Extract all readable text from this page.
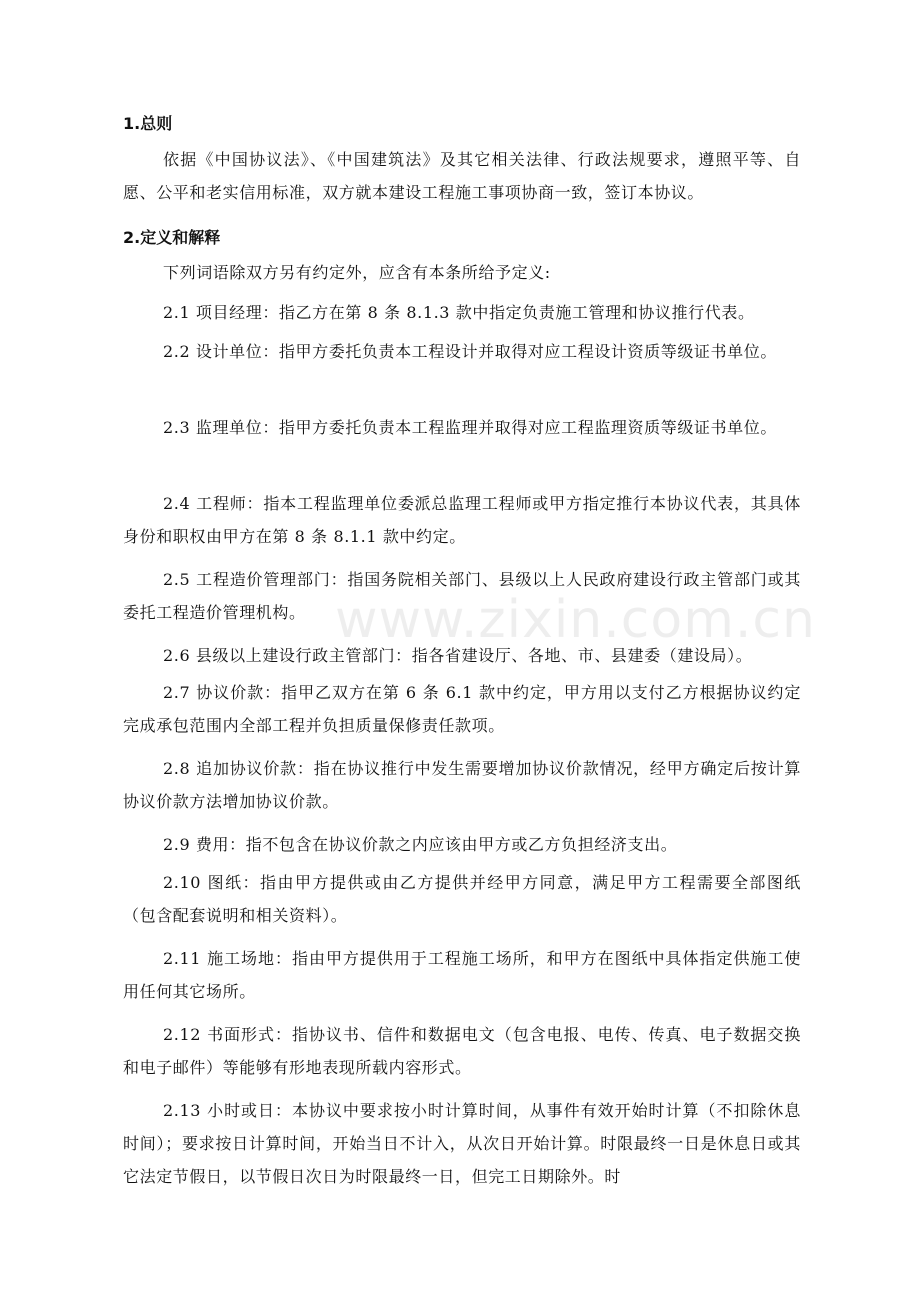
www.zixin.com.cn
1.总则

依据《中国协议法》、《中国建筑法》及其它相关法律、行政法规要求，遵照平等、自愿、公平和老实信用标准，双方就本建设工程施工事项协商一致，签订本协议。

2.定义和解释

下列词语除双方另有约定外，应含有本条所给予定义:

2.1 项目经理：指乙方在第 8 条 8.1.3 款中指定负责施工管理和协议推行代表。

2.2 设计单位：指甲方委托负责本工程设计并取得对应工程设计资质等级证书单位。

2.3 监理单位：指甲方委托负责本工程监理并取得对应工程监理资质等级证书单位。

2.4 工程师：指本工程监理单位委派总监理工程师或甲方指定推行本协议代表，其具体身份和职权由甲方在第 8 条 8.1.1 款中约定。

2.5 工程造价管理部门：指国务院相关部门、县级以上人民政府建设行政主管部门或其委托工程造价管理机构。

2.6 县级以上建设行政主管部门：指各省建设厅、各地、市、县建委（建设局）。

2.7 协议价款：指甲乙双方在第 6 条 6.1 款中约定，甲方用以支付乙方根据协议约定完成承包范围内全部工程并负担质量保修责任款项。

2.8 追加协议价款：指在协议推行中发生需要增加协议价款情况，经甲方确定后按计算协议价款方法增加协议价款。

2.9 费用：指不包含在协议价款之内应该由甲方或乙方负担经济支出。

2.10 图纸：指由甲方提供或由乙方提供并经甲方同意，满足甲方工程需要全部图纸（包含配套说明和相关资料）。

2.11 施工场地：指由甲方提供用于工程施工场所，和甲方在图纸中具体指定供施工使用任何其它场所。

2.12 书面形式：指协议书、信件和数据电文（包含电报、电传、传真、电子数据交换和电子邮件）等能够有形地表现所载内容形式。

2.13 小时或日：本协议中要求按小时计算时间，从事件有效开始时计算（不扣除休息时间）；要求按日计算时间，开始当日不计入，从次日开始计算。时限最终一日是休息日或其它法定节假日，以节假日次日为时限最终一日，但完工日期除外。时
